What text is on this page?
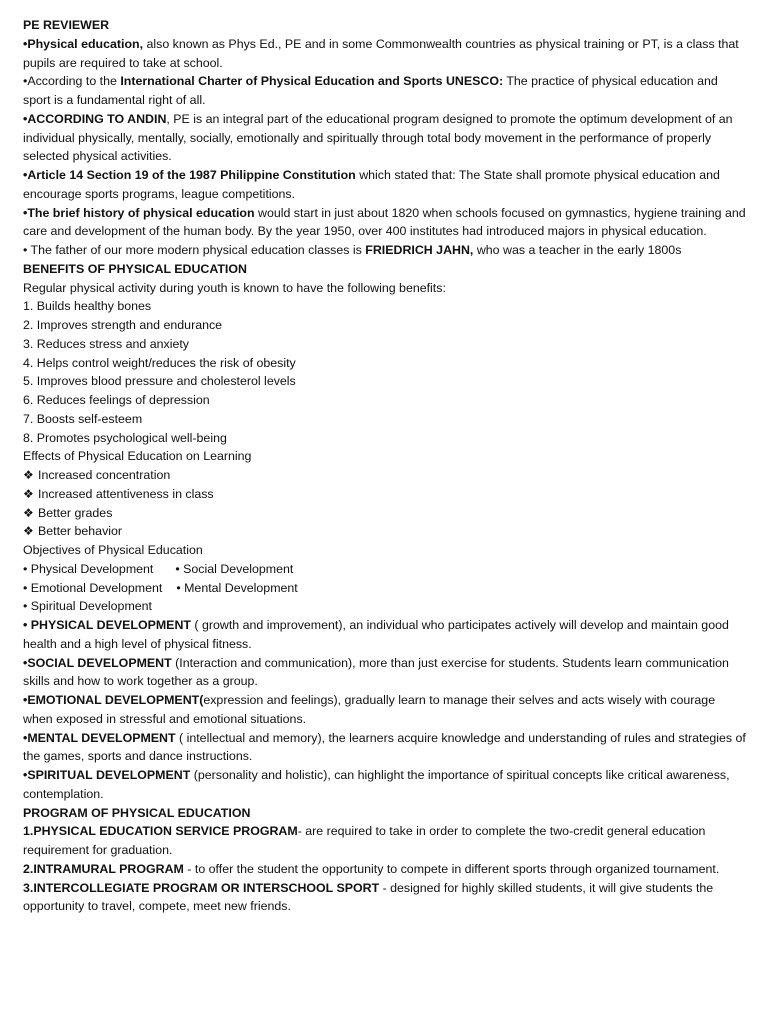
PE REVIEWER

•Physical education, also known as Phys Ed., PE and in some Commonwealth countries as physical training or PT, is a class that pupils are required to take at school.

•According to the International Charter of Physical Education and Sports UNESCO: The practice of physical education and sport is a fundamental right of all.

•ACCORDING TO ANDIN, PE is an integral part of the educational program designed to promote the optimum development of an individual physically, mentally, socially, emotionally and spiritually through total body movement in the performance of properly selected physical activities.

•Article 14 Section 19 of the 1987 Philippine Constitution which stated that: The State shall promote physical education and encourage sports programs, league competitions.

•The brief history of physical education would start in just about 1820 when schools focused on gymnastics, hygiene training and care and development of the human body. By the year 1950, over 400 institutes had introduced majors in physical education.

• The father of our more modern physical education classes is FRIEDRICH JAHN, who was a teacher in the early 1800s

BENEFITS OF PHYSICAL EDUCATION

Regular physical activity during youth is known to have the following benefits:

1. Builds healthy bones

2. Improves strength and endurance

3. Reduces stress and anxiety

4. Helps control weight/reduces the risk of obesity

5. Improves blood pressure and cholesterol levels

6. Reduces feelings of depression

7. Boosts self-esteem

8. Promotes psychological well-being

Effects of Physical Education on Learning

❖ Increased concentration

❖ Increased attentiveness in class

❖ Better grades

❖ Better behavior

Objectives of Physical Education

• Physical Development • Social Development

• Emotional Development • Mental Development

• Spiritual Development

• PHYSICAL DEVELOPMENT ( growth and improvement), an individual who participates actively will develop and maintain good health and a high level of physical fitness.

•SOCIAL DEVELOPMENT (Interaction and communication), more than just exercise for students. Students learn communication skills and how to work together as a group.

•EMOTIONAL DEVELOPMENT(expression and feelings), gradually learn to manage their selves and acts wisely with courage when exposed in stressful and emotional situations.

•MENTAL DEVELOPMENT ( intellectual and memory), the learners acquire knowledge and understanding of rules and strategies of the games, sports and dance instructions.

•SPIRITUAL DEVELOPMENT (personality and holistic), can highlight the importance of spiritual concepts like critical awareness, contemplation.

PROGRAM OF PHYSICAL EDUCATION

1.PHYSICAL EDUCATION SERVICE PROGRAM- are required to take in order to complete the two-credit general education requirement for graduation.

2.INTRAMURAL PROGRAM - to offer the student the opportunity to compete in different sports through organized tournament.

3.INTERCOLLEGIATE PROGRAM OR INTERSCHOOL SPORT - designed for highly skilled students, it will give students the opportunity to travel, compete, meet new friends.
